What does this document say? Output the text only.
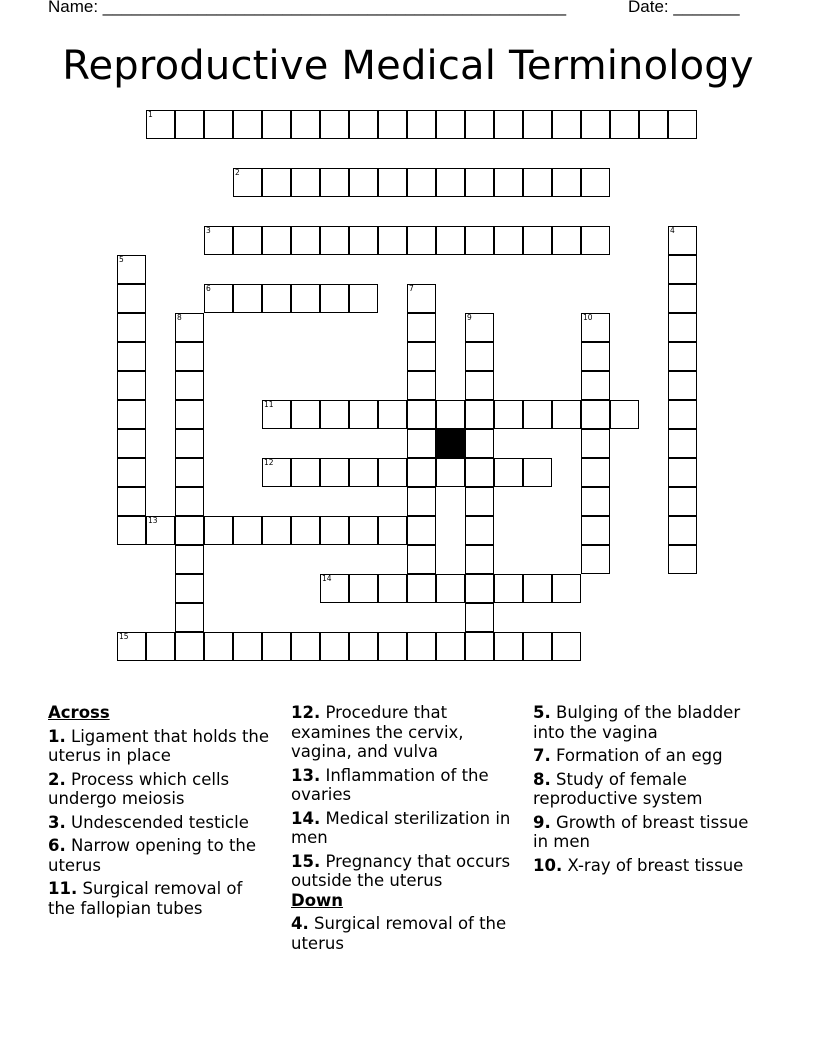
Name: _________________________________________________	Date: _______
Reproductive Medical Terminology
1
2
3	4
5
6	7
8	9	10
11
12
13
14
15
Across
1. Ligament that holds the uterus in place
2. Process which cells undergo meiosis
3. Undescended testicle
6. Narrow opening to the uterus
11. Surgical removal of the fallopian tubes
12. Procedure that examines the cervix, vagina, and vulva
13. Inflammation of the ovaries
14. Medical sterilization in men
15. Pregnancy that occurs outside the uterus
Down
4. Surgical removal of the uterus
5. Bulging of the bladder into the vagina
7. Formation of an egg
8. Study of female reproductive system
9. Growth of breast tissue in men
10. X-ray of breast tissue
